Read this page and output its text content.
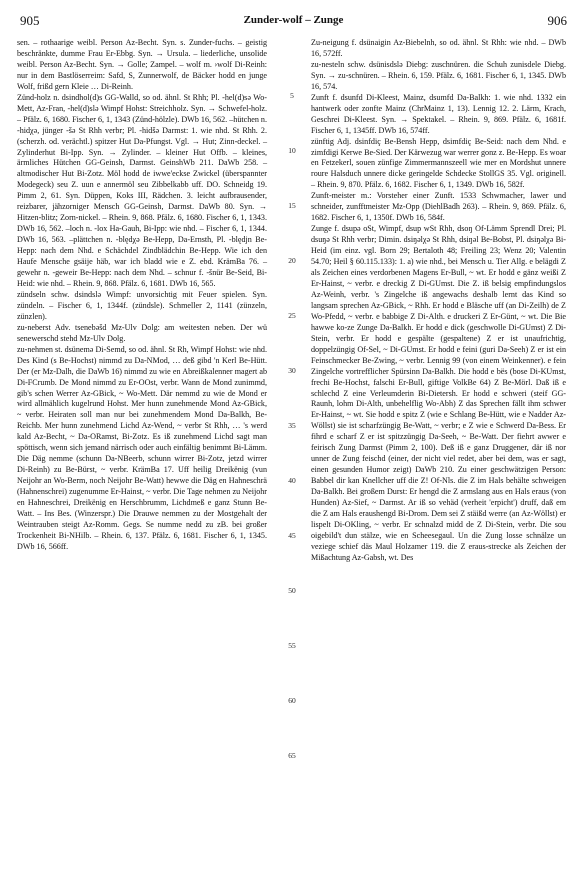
905	Zunder-wolf – Zunge	906

sen. – rothaarige weibl. Person Az-Becht. Syn. s. Zunder-fuchs. – geistig beschränkte, dumme Frau Er-Ebbg. Syn. → Ursula. – liederliche, unsolide weibl. Person Az-Becht. Syn. → Golle; Zampel. – wolf m. ›wolf Di-Reinh: nur in dem Bastlöserreim: Safd, S, Zunnerwolf, de Bäcker hodd en junge Wolf, frißd gern Kleie … Di-Reinh.

Zünd-holz n. dsindhol(d)s GG-Walld, so od. ähnl. St Rhh; Pl. -hel(d)sə Wo-Mett, Az-Fran, -hel(d)slə Wimpf Hohst: Streichholz. Syn. → Schwefel-holz. – Pfälz. 6, 1680. Fischer 6, 1, 1343 (Zünd-hölzle). DWb 16, 562. –hütchen n. -hidχə, jünger -šə St Rhh verbr; Pl. -hidšə Darmst: 1. wie nhd. St Rhh. 2. (scherzh. od. verächtl.) spitzer Hut Da-Pfungst. Vgl. → Hut; Zinn-deckel. – Zylinderhut Bi-Ipp. Syn. → Zylinder. – kleiner Hut Offb. – kleines, ärmliches Hütchen GG-Geinsh, Darmst. GeinshWb 211. DaWb 258. – altmodischer Hut Bi-Zotz. Möl hodd de iwwe'eckse Zwickel (überspannter Modegeck) seu Z. uun e annermöl seu Zibbelkabb uff. DO. Schneidg 19. Pimm 2, 61. Syn. Düppen, Koks III, Rädchen. 3. leicht aufbrausender, reizbarer, jähzorniger Mensch GG-Geinsh, Darmst. DaWb 80. Syn. → Hitzen-blitz; Zorn-nickel. – Rhein. 9, 868. Pfälz. 6, 1680. Fischer 6, 1, 1343. DWb 16, 562. –loch n. -lox Ha-Gauh, Bi-Ipp: wie nhd. – Fischer 6, 1, 1344. DWb 16, 563. –plättchen n. -blędχə Be-Hepp, Da-Ernsth, Pl. -blędjn Be-Hepp: nach dem Nhd. e Schächdel Zindblädchin Be-Hepp. Wie ich den Haufe Mensche gsäije häb, war ich bladd wie e Z. ebd. KrämBa 76. – gewehr n. -geweir Be-Hepp: nach dem Nhd. – schnur f. -šnür Be-Seid, Bi-Heid: wie nhd. – Rhein. 9, 868. Pfälz. 6, 1681. DWb 16, 565.

zündseln schw. dsindslə Wimpf: unvorsichtig mit Feuer spielen. Syn. zündeln. – Fischer 6, 1, 1344f. (zündsle). Schmeller 2, 1141 (zünzeln, zünzlen).

zu-neberst Adv. tsenebəšd Mz-Ulv Dolg: am weitesten neben. Der wü senewerschd stehd Mz-Ulv Dolg.

zu-nehmen st. dsünemə Di-Semd, so od. ähnl. St Rh, Wimpf Hohst: wie nhd. Des Kind (s Be-Hochst) nimmd zu Da-NMod, … deß gibd 'n Kerl Be-Hütt. Der (er Mz-Dalh, die DaWb 16) nimmd zu wie en Abreißkalenner magert ab Di-FCrumb. De Mond nimmd zu Er-OOst, verbr. Wann de Mond zunimmd, gib's schen Werrer Az-GBick, ~ Wo-Mett. Där nemmd zu wie de Mond er wird allmählich kugelrund Hohst. Mer hunn zunehmende Mond Az-GBick, ~ verbr. Heiraten soll man nur bei zunehmendem Mond Da-Balkh, Be-Reichb. Mer hunn zunehmend Lichd Az-Wend, ~ verbr St Rhh, … 's werd kald Az-Becht, ~ Da-ORamst, Bi-Zotz. Es iß zunehmend Lichd sagt man spöttisch, wenn sich jemand närrisch oder auch einfältig benimmt Bi-Lämm. Die Däg nemme (schunn Da-NBeerb, schunn wirrer Bi-Zotz, jetzd wirrer Di-Reinh) zu Be-Bürst, ~ verbr. KrämBa 17. Uff heilig Dreikënig (vun Neijohr an Wo-Berm, noch Neijohr Be-Watt) hewwe die Däg en Hahneschrä (Hahnenschrei) zugenumme Er-Hainst, ~ verbr. Die Tage nehmen zu Neijohr en Hahneschrei, Dreikënig en Herschbrumm, Lichdmeß e ganz Stunn Be-Watt. – Ins Bes. (Winzerspr.) Die Drauwe nemmen zu der Mostgehalt der Weintrauben steigt Az-Romm. Gegs. Se numme nedd zu zB. bei großer Trockenheit Bi-NHilb. – Rhein. 6, 137. Pfälz. 6, 1681. Fischer 6, 1, 1345. DWb 16, 566ff.

5
10
15
20
25
30
35
40
45
50
55
60
65

Zu-neigung f. dsünaigin Az-Biebelnh, so od. ähnl. St Rhh: wie nhd. – DWb 16, 572ff.

zu-nesteln schw. dsünisdslə Diebg: zuschnüren. die Schuh zunisdele Diebg. Syn. → zu-schnüren. – Rhein. 6, 159. Pfälz. 6, 1681. Fischer 6, 1, 1345. DWb 16, 574.

Zunft f. dsunfd Di-Kleest, Mainz, dsumfd Da-Balkh: 1. wie nhd. 1332 ein hantwerk oder zonfte Mainz (ChrMainz 1, 13). Lennig 12. 2. Lärm, Krach, Geschrei Di-Kleest. Syn. → Spektakel. – Rhein. 9, 869. Pfälz. 6, 1681f. Fischer 6, 1, 1345ff. DWb 16, 574ff.

zünftig Adj. dsinfdiç Be-Bensh Hepp, dsimfdiç Be-Seid: nach dem Nhd. e zimfdigi Kerwe Be-Sied. Der Kärwezug war werrer gonz z. Be-Hepp. Es woar en Fetzekerl, souen zünfige Zimmermannszeell wie mer en Mordshut unnere roure Halsduch unnere dicke geringelde Schdecke StollGS 35. Vgl. originell. – Rhein. 9, 870. Pfälz. 6, 1682. Fischer 6, 1, 1349. DWb 16, 582f.

Zunft-meister m.: Vorsteher einer Zunft. 1533 Schwmacher, lawer und schneider, zunfftmeister Mz-Opp (DiehlBadh 263). – Rhein. 9, 869. Pfälz. 6, 1682. Fischer 6, 1, 1350f. DWb 16, 584f.

Zunge f. dsupə oSt, Wimpf, dsup wSt Rhh, dsoŋ Of-Lämm Sprendl Drei; Pl. dsuŋə St Rhh verbr; Dimin. dsiŋəlχə St Rhh, dsiŋəl Be-Bobst, Pl. dsiŋəlχə Bi-Heid (im einz. vgl. Born 29; Bertaloth 48; Freiling 23; Wenz 20; Valentin 54.70; Heil § 60.115.133): 1. a) wie nhd., bei Mensch u. Tier Allg. e belägdi Z als Zeichen eines verdorbenen Magens Er-Bull, ~ wt. Er hodd e gänz weißi Z Er-Hainst, ~ verbr. e dreckig Z Di-GUmst. Die Z. iß belsig empfindungslos Az-Weinh, verbr. 's Zingelche iß angewachs deshalb lernt das Kind so langsam sprechen Az-GBick, ~ Rhh. Er hodd e Bläsche uff (an Di-Zeilh) de Z Wo-Pfedd, ~ verbr. e babbige Z Di-Alth. e druckeri Z Er-Günt, ~ wt. Die Bie hawwe ko-ze Zunge Da-Balkh. Er hodd e dick (geschwolle Di-GUmst) Z Di-Stein, verbr. Er hodd e gespälte (gespaltene) Z er ist unaufrichtig, doppelzüngig Of-Sel, ~ Di-GUmst. Er hodd e feini (guri Da-Seeh) Z er ist ein Feinschmecker Be-Zwing, ~ verbr. Lennig 99 (von einem Weinkenner). e fein Zingelche vortrefflicher Spürsinn Da-Balkh. Die hodd e bës (bose Di-KUmst, frechi Be-Hochst, falschi Er-Bull, giftige VolkBe 64) Z Be-Mörl. Daß iß e schlechd Z eine Verleumderin Bi-Dietersh. Er hodd e schweri (steif GG-Raunh, lohm Di-Alth, unbehelflig Wo-Abh) Z das Sprechen fällt ihm schwer Er-Hainst, ~ wt. Sie hodd e spitz Z (wie e Schlang Be-Hütt, wie e Nadder Az-Wöllst) sie ist scharfzüngig Be-Watt, ~ verbr; e Z wie e Schwerd Da-Bess. Er fihrd e scharf Z er ist spitzzüngig Da-Seeh, ~ Be-Watt. Der fiehrt awwer e feirisch Zung Darmst (Pimm 2, 100). Deß iß e ganz Druggener, där iß nor unner de Zung feischd (einer, der nicht viel redet, aber bei dem, was er sagt, einen gesunden Humor zeigt) DaWb 210. Zu einer geschwätzigen Person: Babbel dir kan Knellcher uff die Z! Of-Nls. die Z im Hals behälte schweigen Da-Balkh. Bei großem Durst: Er hengd die Z armslang aus en Hals eraus (von Hunden) Az-Sief, ~ Darmst. Ar iß so vehäd (verheit 'erpicht') druff, daß em die Z am Hals eraushengd Bi-Drom. Dem sei Z stäißd werre (an Az-Wöllst) er lispelt Di-OKling, ~ verbr. Er schnalzd midd de Z Di-Stein, verbr. Die sou oigebild't dun stälze, wie en Scheesegaul. Un die Zung losse schnälze un veziege schief däs Maul Holzamer 119. die Z eraus-strecke als Zeichen der Mißachtung Az-Gabsh, wt. Des
